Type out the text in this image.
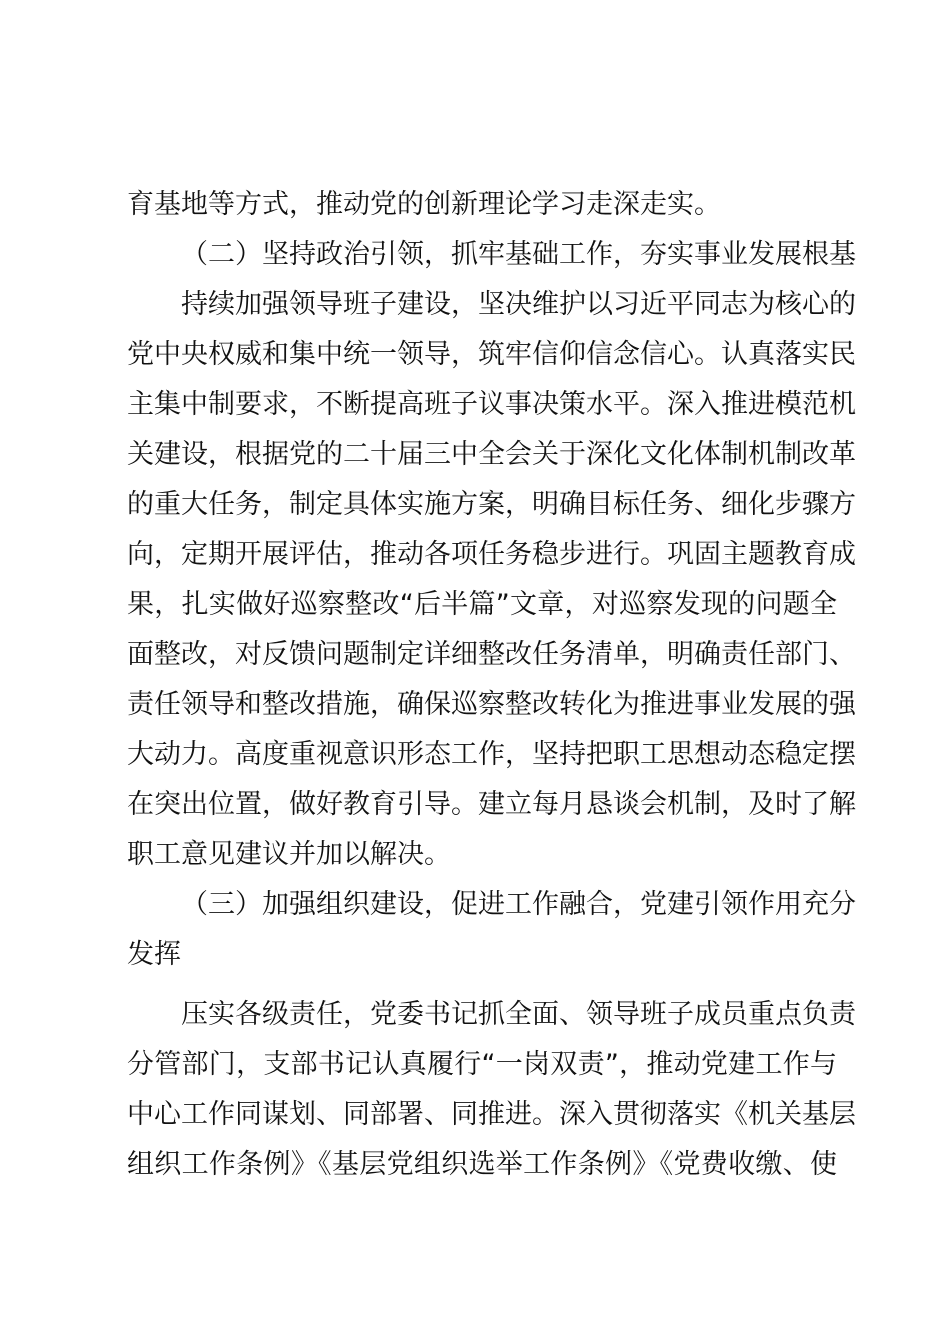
育基地等方式，推动党的创新理论学习走深走实。
（二）坚持政治引领，抓牢基础工作，夯实事业发展根基
持续加强领导班子建设，坚决维护以习近平同志为核心的
党中央权威和集中统一领导，筑牢信仰信念信心。认真落实民
主集中制要求，不断提高班子议事决策水平。深入推进模范机
关建设，根据党的二十届三中全会关于深化文化体制机制改革
的重大任务，制定具体实施方案，明确目标任务、细化步骤方
向，定期开展评估，推动各项任务稳步进行。巩固主题教育成
果，扎实做好巡察整改“后半篇”文章，对巡察发现的问题全
面整改，对反馈问题制定详细整改任务清单，明确责任部门、
责任领导和整改措施，确保巡察整改转化为推进事业发展的强
大动力。高度重视意识形态工作，坚持把职工思想动态稳定摆
在突出位置，做好教育引导。建立每月恳谈会机制，及时了解
职工意见建议并加以解决。
（三）加强组织建设，促进工作融合，党建引领作用充分
发挥
压实各级责任，党委书记抓全面、领导班子成员重点负责
分管部门，支部书记认真履行“一岗双责”，推动党建工作与
中心工作同谋划、同部署、同推进。深入贯彻落实《机关基层
组织工作条例》《基层党组织选举工作条例》《党费收缴、使
